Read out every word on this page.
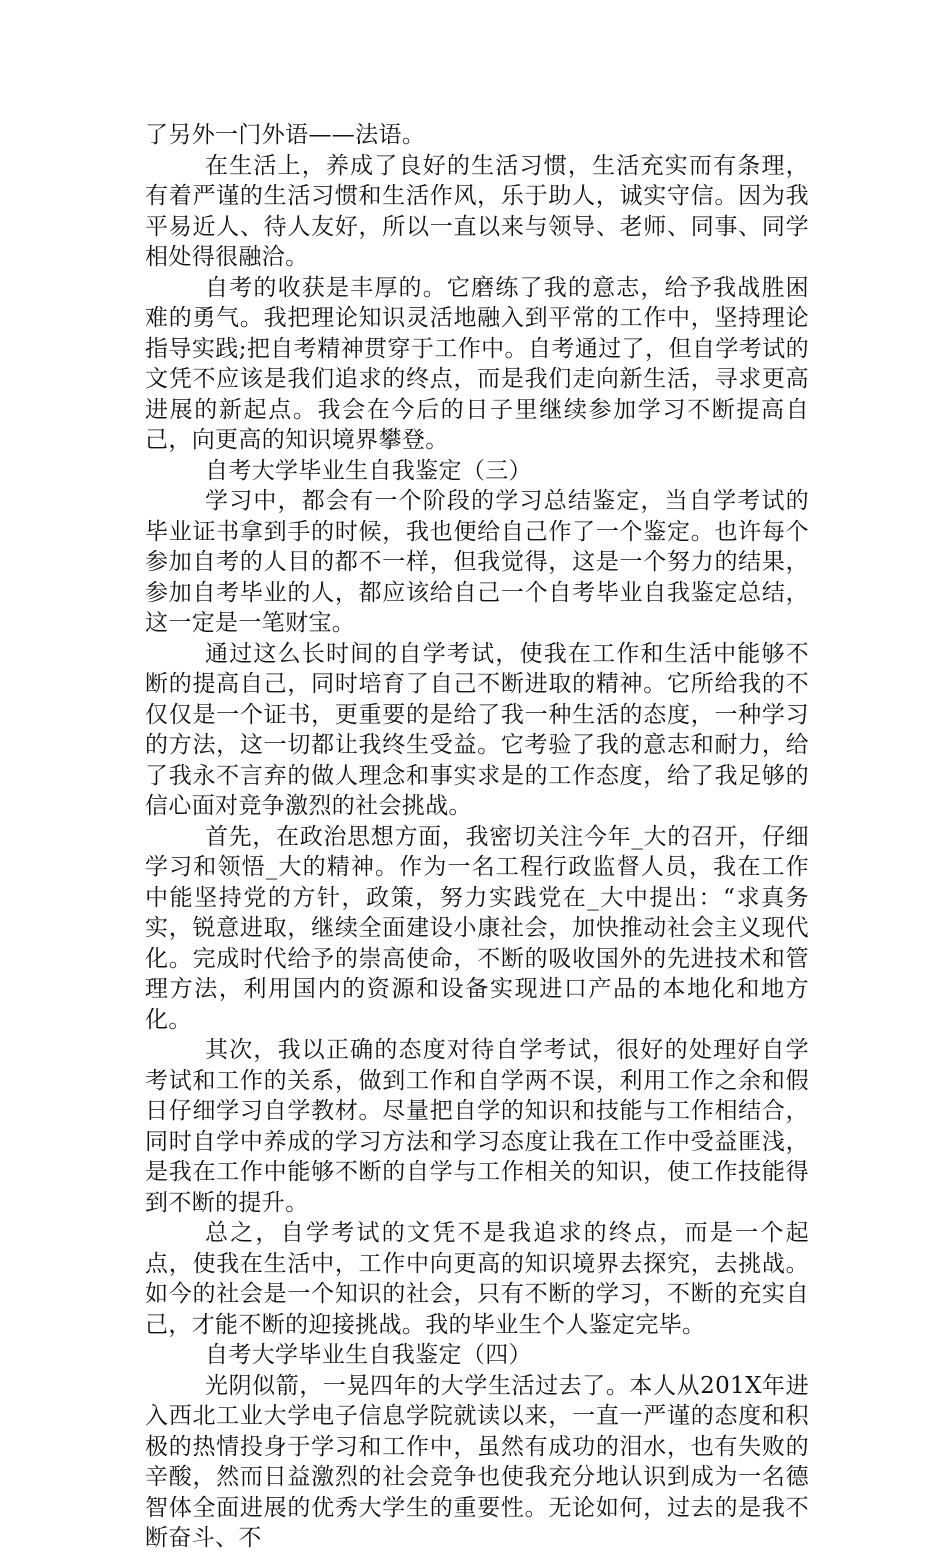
了另外一门外语——法语。

在生活上，养成了良好的生活习惯，生活充实而有条理，有着严谨的生活习惯和生活作风，乐于助人，诚实守信。因为我平易近人、待人友好，所以一直以来与领导、老师、同事、同学相处得很融洽。

自考的收获是丰厚的。它磨练了我的意志，给予我战胜困难的勇气。我把理论知识灵活地融入到平常的工作中，坚持理论指导实践;把自考精神贯穿于工作中。自考通过了，但自学考试的文凭不应该是我们追求的终点，而是我们走向新生活，寻求更高进展的新起点。我会在今后的日子里继续参加学习不断提高自己，向更高的知识境界攀登。

自考大学毕业生自我鉴定（三）

学习中，都会有一个阶段的学习总结鉴定，当自学考试的毕业证书拿到手的时候，我也便给自己作了一个鉴定。也许每个参加自考的人目的都不一样，但我觉得，这是一个努力的结果，参加自考毕业的人，都应该给自己一个自考毕业自我鉴定总结，这一定是一笔财宝。

通过这么长时间的自学考试，使我在工作和生活中能够不断的提高自己，同时培育了自己不断进取的精神。它所给我的不仅仅是一个证书，更重要的是给了我一种生活的态度，一种学习的方法，这一切都让我终生受益。它考验了我的意志和耐力，给了我永不言弃的做人理念和事实求是的工作态度，给了我足够的信心面对竞争激烈的社会挑战。

首先，在政治思想方面，我密切关注今年_大的召开，仔细学习和领悟_大的精神。作为一名工程行政监督人员，我在工作中能坚持党的方针，政策，努力实践党在_大中提出：“求真务实，锐意进取，继续全面建设小康社会，加快推动社会主义现代化。完成时代给予的崇高使命，不断的吸收国外的先进技术和管理方法，利用国内的资源和设备实现进口产品的本地化和地方化。

其次，我以正确的态度对待自学考试，很好的处理好自学考试和工作的关系，做到工作和自学两不误，利用工作之余和假日仔细学习自学教材。尽量把自学的知识和技能与工作相结合，同时自学中养成的学习方法和学习态度让我在工作中受益匪浅，是我在工作中能够不断的自学与工作相关的知识，使工作技能得到不断的提升。

总之，自学考试的文凭不是我追求的终点，而是一个起点，使我在生活中，工作中向更高的知识境界去探究，去挑战。如今的社会是一个知识的社会，只有不断的学习，不断的充实自己，才能不断的迎接挑战。我的毕业生个人鉴定完毕。

自考大学毕业生自我鉴定（四）

光阴似箭，一晃四年的大学生活过去了。本人从201X年进入西北工业大学电子信息学院就读以来，一直一严谨的态度和积极的热情投身于学习和工作中，虽然有成功的泪水，也有失败的辛酸，然而日益激烈的社会竞争也使我充分地认识到成为一名德智体全面进展的优秀大学生的重要性。无论如何，过去的是我不断奋斗、不
